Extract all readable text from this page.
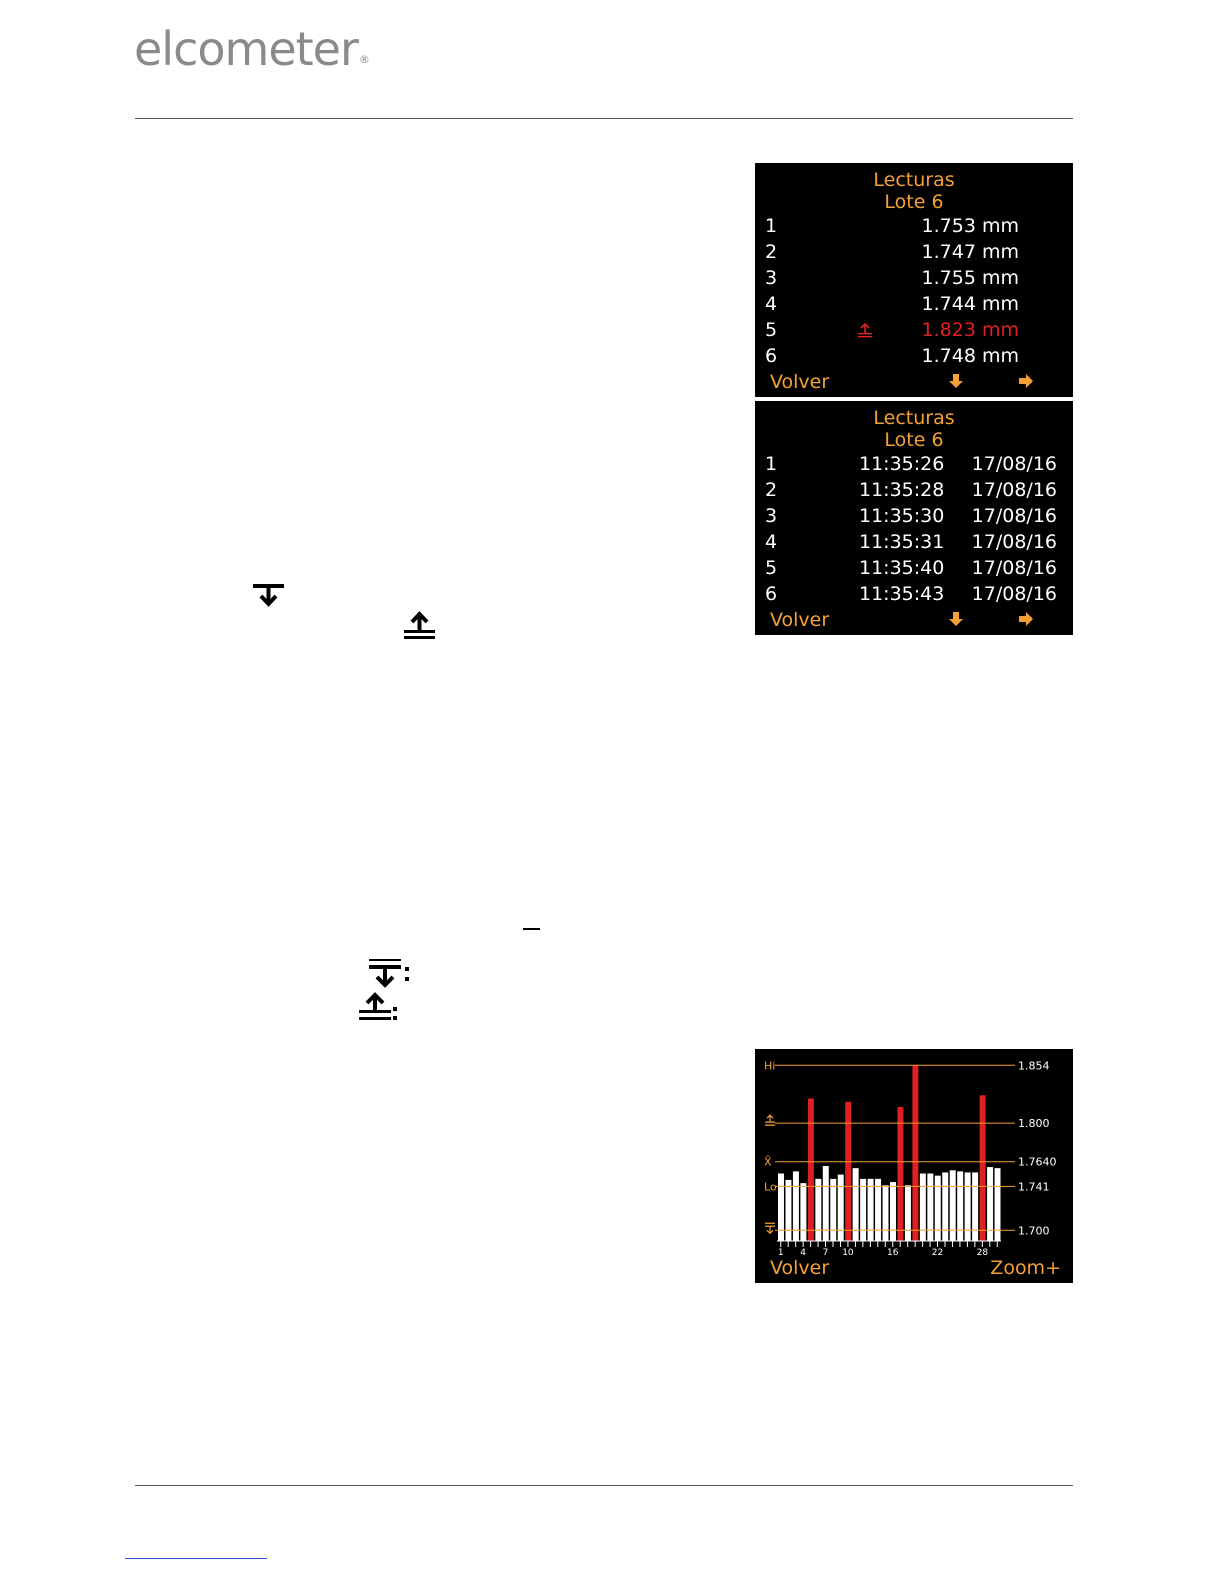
elcometer®
Lecturas
Lote 6
1	1.753 mm
2	1.747 mm
3	1.755 mm
4	1.744 mm
5	1.823 mm
6	1.748 mm
Volver
Lecturas
Lote 6
1	11:35:26 17/08/16
2	11:35:28 17/08/16
3	11:35:30 17/08/16
4	11:35:31 17/08/16
5	11:35:40 17/08/16
6	11:35:43 17/08/16
Volver
1.854
Hi
1.800
1.7640
X̄
1.741
Lo
1.700
1 4 7 10	16	22	28
Volver	Zoom+
